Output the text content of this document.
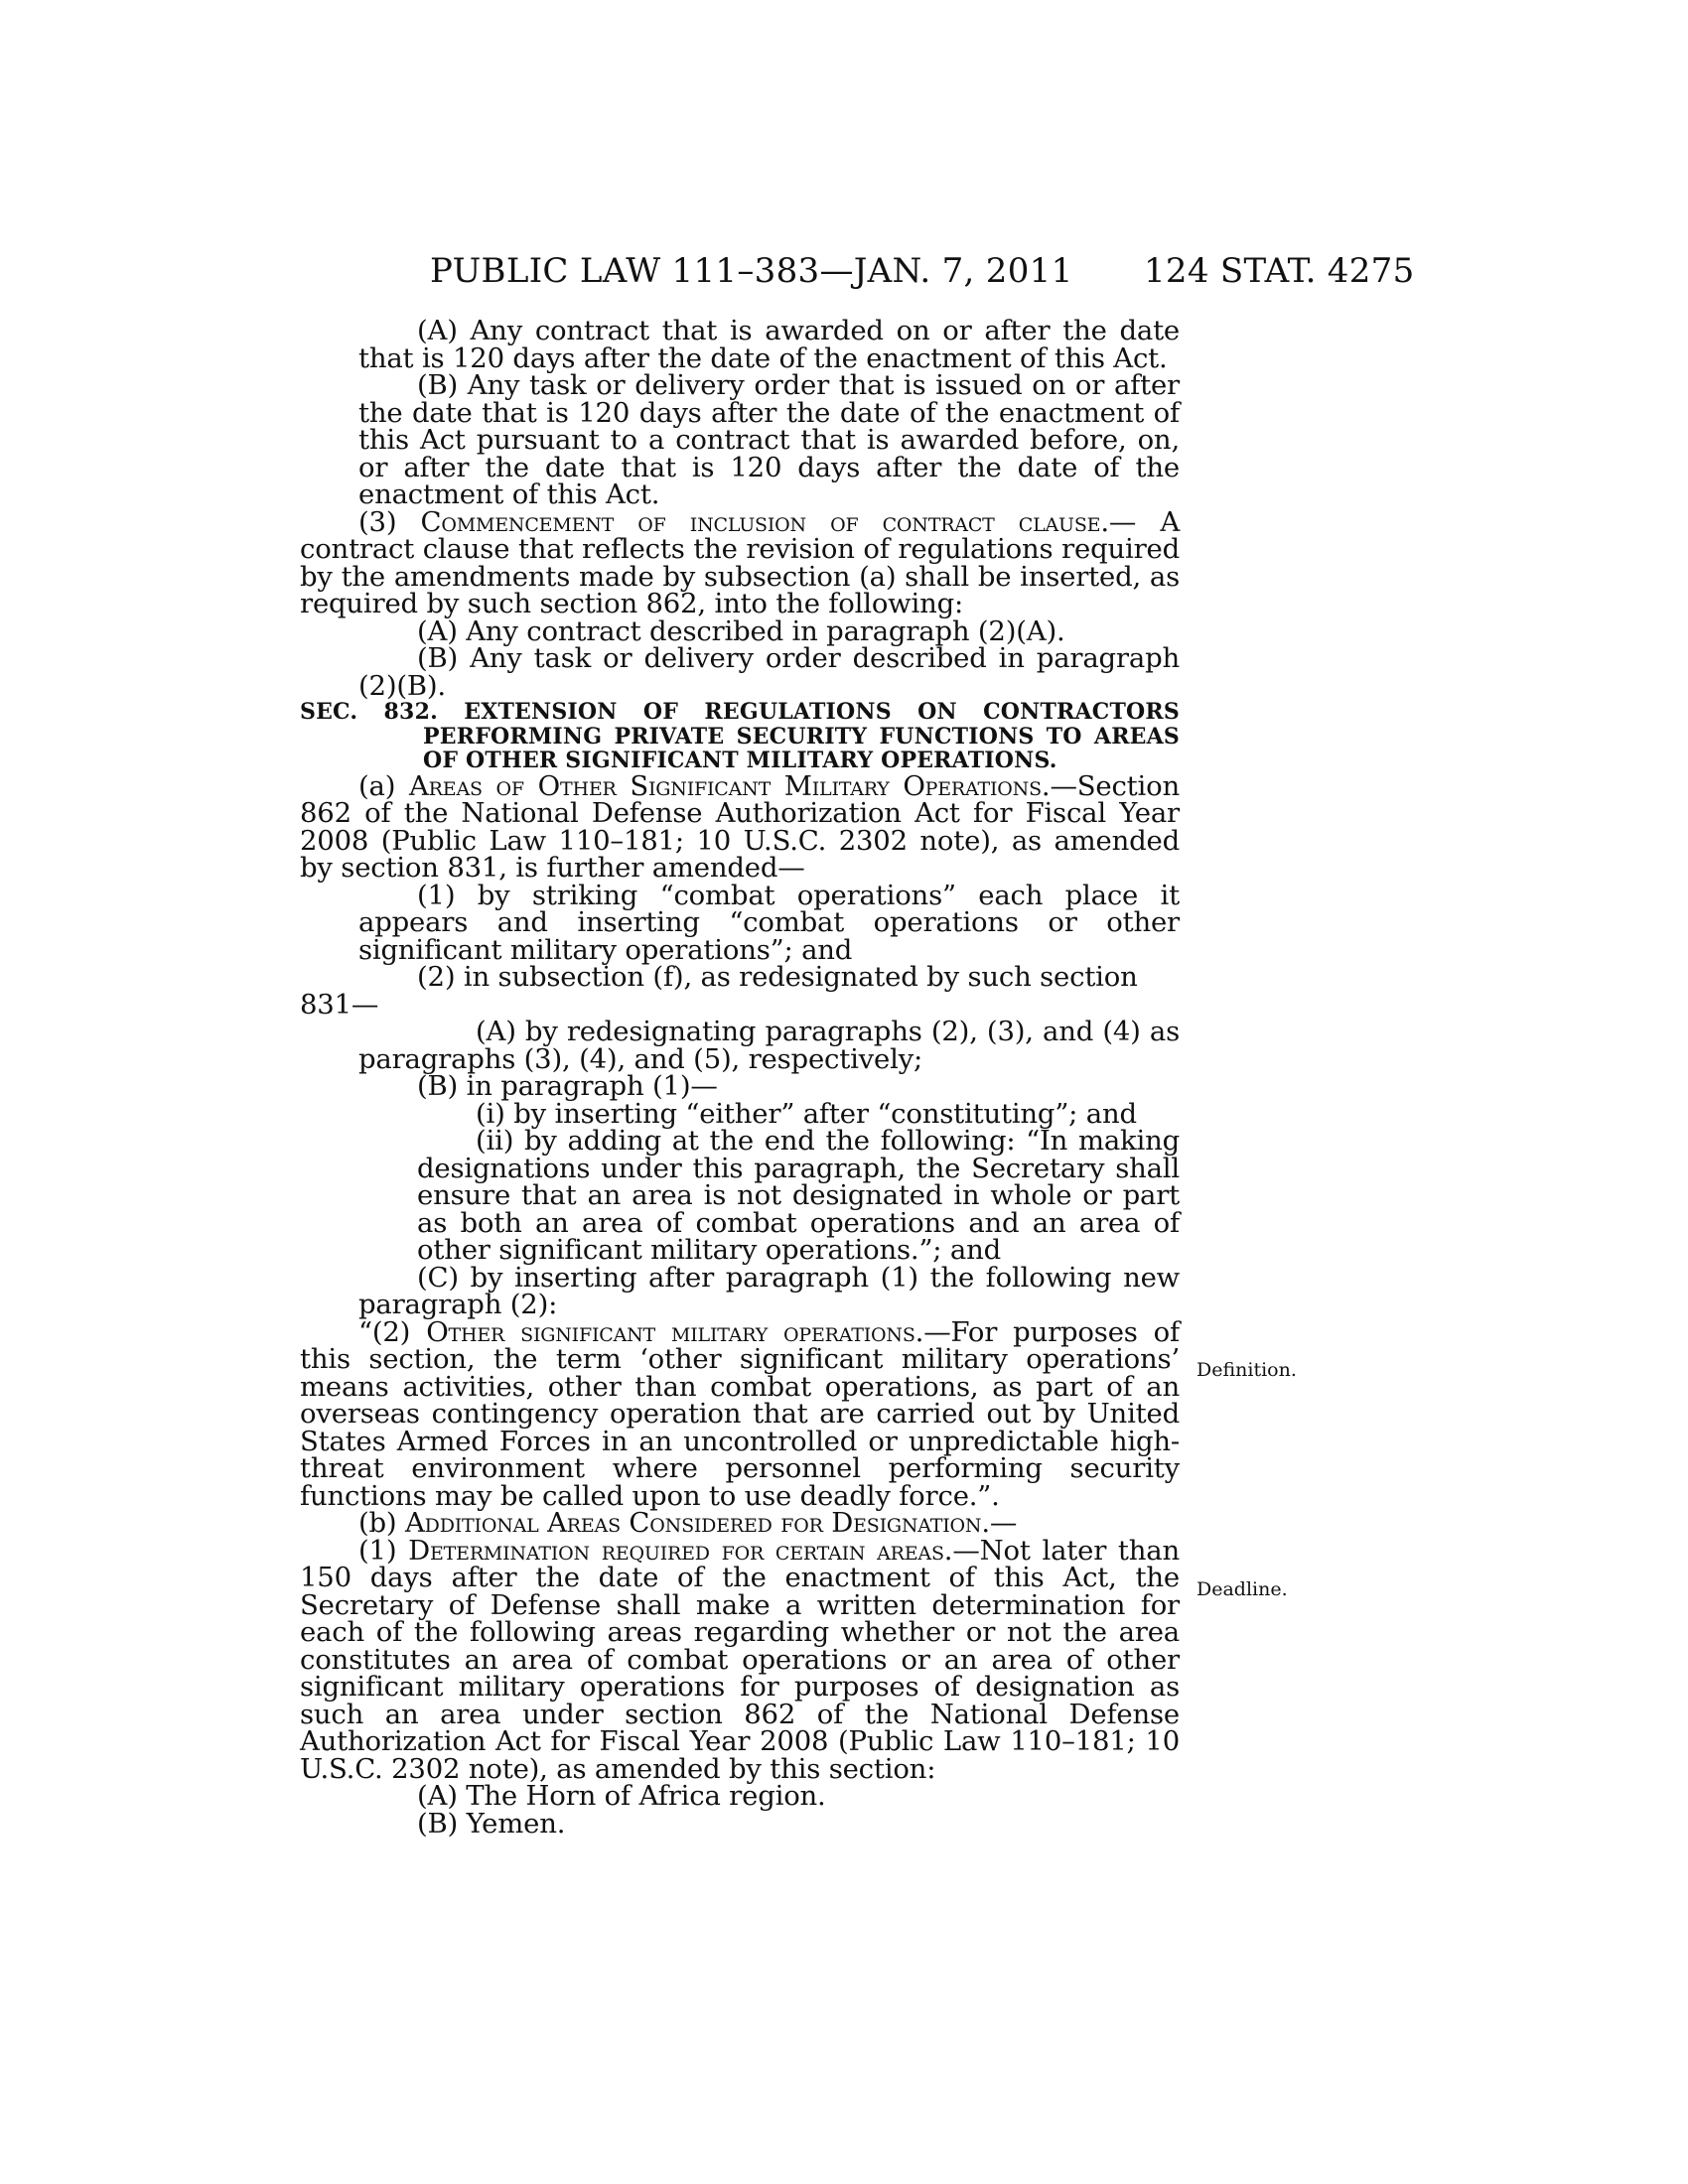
PUBLIC LAW 111–383—JAN. 7, 2011 124 STAT. 4275

(A) Any contract that is awarded on or after the date that is 120 days after the date of the enactment of this Act.

(B) Any task or delivery order that is issued on or after the date that is 120 days after the date of the enactment of this Act pursuant to a contract that is awarded before, on, or after the date that is 120 days after the date of the enactment of this Act.

(3) Commencement of inclusion of contract clause.— A contract clause that reflects the revision of regulations required by the amendments made by subsection (a) shall be inserted, as required by such section 862, into the following:

(A) Any contract described in paragraph (2)(A).

(B) Any task or delivery order described in paragraph (2)(B).

SEC. 832. EXTENSION OF REGULATIONS ON CONTRACTORS PERFORMING PRIVATE SECURITY FUNCTIONS TO AREAS OF OTHER SIGNIFICANT MILITARY OPERATIONS.

(a) Areas of Other Significant Military Operations.—Section 862 of the National Defense Authorization Act for Fiscal Year 2008 (Public Law 110–181; 10 U.S.C. 2302 note), as amended by section 831, is further amended—

(1) by striking “combat operations” each place it appears and inserting “combat operations or other significant military operations”; and

(2) in subsection (f), as redesignated by such section 831—

(A) by redesignating paragraphs (2), (3), and (4) as paragraphs (3), (4), and (5), respectively;

(B) in paragraph (1)—

(i) by inserting “either” after “constituting”; and

(ii) by adding at the end the following: “In making designations under this paragraph, the Secretary shall ensure that an area is not designated in whole or part as both an area of combat operations and an area of other significant military operations.”; and

(C) by inserting after paragraph (1) the following new paragraph (2):

“(2) Other significant military operations.—For purposes of this section, the term ‘other significant military operations’ means activities, other than combat operations, as part of an overseas contingency operation that are carried out by United States Armed Forces in an uncontrolled or unpredictable high-threat environment where personnel performing security functions may be called upon to use deadly force.”.

(b) Additional Areas Considered for Designation.—

(1) Determination required for certain areas.—Not later than 150 days after the date of the enactment of this Act, the Secretary of Defense shall make a written determination for each of the following areas regarding whether or not the area constitutes an area of combat operations or an area of other significant military operations for purposes of designation as such an area under section 862 of the National Defense Authorization Act for Fiscal Year 2008 (Public Law 110–181; 10 U.S.C. 2302 note), as amended by this section:

(A) The Horn of Africa region.

(B) Yemen.

Definition.
Deadline.
